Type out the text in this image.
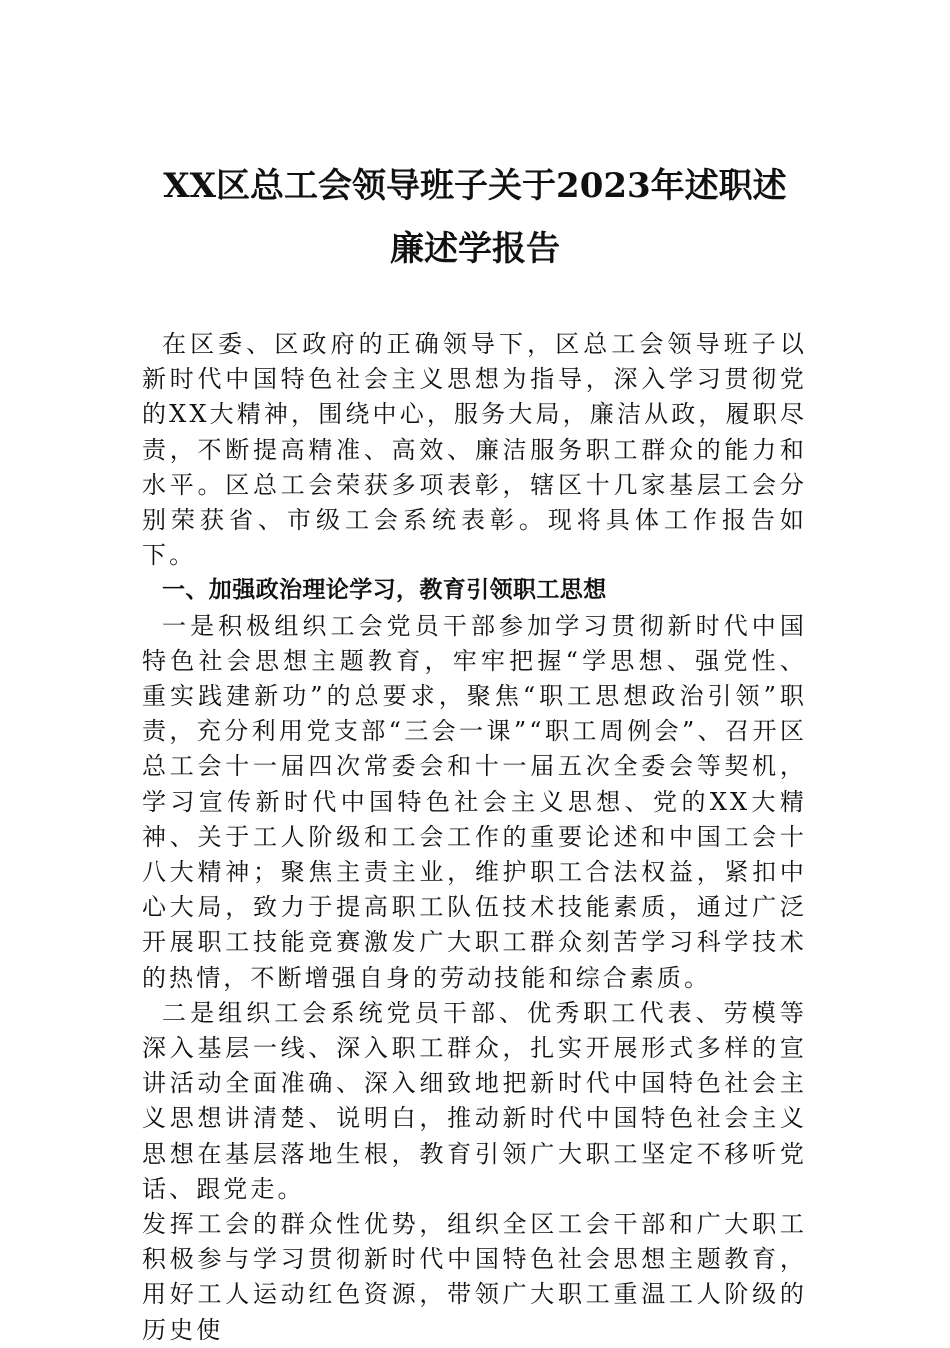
XX区总工会领导班子关于2023年述职述
廉述学报告

在区委、区政府的正确领导下，区总工会领导班子以新时代中国特色社会主义思想为指导，深入学习贯彻党的XX大精神，围绕中心，服务大局，廉洁从政，履职尽责，不断提高精准、高效、廉洁服务职工群众的能力和水平。区总工会荣获多项表彰，辖区十几家基层工会分别荣获省、市级工会系统表彰。现将具体工作报告如下。

一、加强政治理论学习，教育引领职工思想

一是积极组织工会党员干部参加学习贯彻新时代中国特色社会思想主题教育，牢牢把握“学思想、强党性、重实践建新功”的总要求，聚焦“职工思想政治引领”职责，充分利用党支部“三会一课”“职工周例会”、召开区总工会十一届四次常委会和十一届五次全委会等契机，学习宣传新时代中国特色社会主义思想、党的XX大精神、关于工人阶级和工会工作的重要论述和中国工会十八大精神；聚焦主责主业，维护职工合法权益，紧扣中心大局，致力于提高职工队伍技术技能素质，通过广泛开展职工技能竞赛激发广大职工群众刻苦学习科学技术的热情，不断增强自身的劳动技能和综合素质。

二是组织工会系统党员干部、优秀职工代表、劳模等深入基层一线、深入职工群众，扎实开展形式多样的宣讲活动全面准确、深入细致地把新时代中国特色社会主义思想讲清楚、说明白，推动新时代中国特色社会主义思想在基层落地生根，教育引领广大职工坚定不移听党话、跟党走。

发挥工会的群众性优势，组织全区工会干部和广大职工积极参与学习贯彻新时代中国特色社会思想主题教育，用好工人运动红色资源，带领广大职工重温工人阶级的历史使
